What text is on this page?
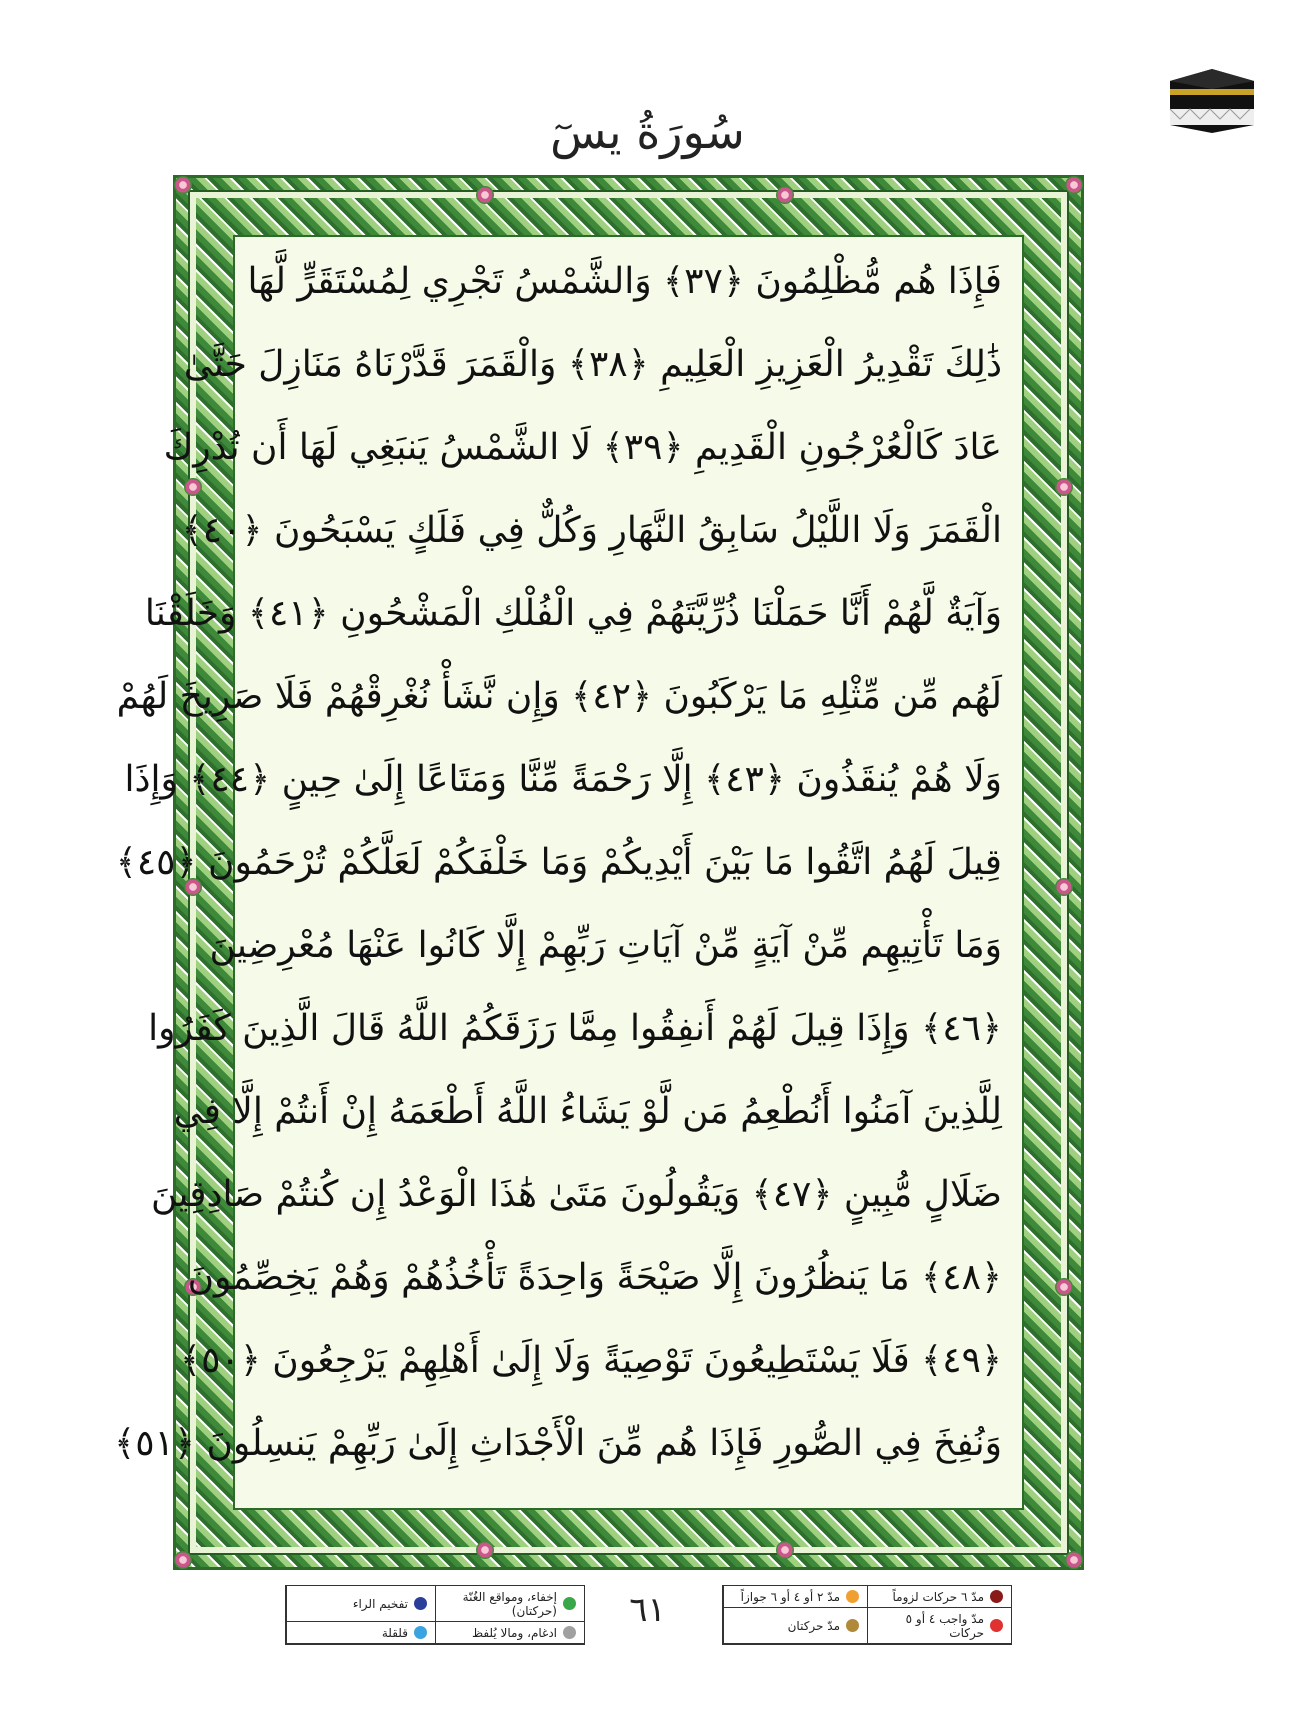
سُورَةُ يسٓ
فَإِذَا هُم مُّظْلِمُونَ ﴿٣٧﴾ وَالشَّمْسُ تَجْرِي لِمُسْتَقَرٍّ لَّهَا
ذَٰلِكَ تَقْدِيرُ الْعَزِيزِ الْعَلِيمِ ﴿٣٨﴾ وَالْقَمَرَ قَدَّرْنَاهُ مَنَازِلَ حَتَّىٰ
عَادَ كَالْعُرْجُونِ الْقَدِيمِ ﴿٣٩﴾ لَا الشَّمْسُ يَنبَغِي لَهَا أَن تُدْرِكَ
الْقَمَرَ وَلَا اللَّيْلُ سَابِقُ النَّهَارِ وَكُلٌّ فِي فَلَكٍ يَسْبَحُونَ ﴿٤٠﴾
وَآيَةٌ لَّهُمْ أَنَّا حَمَلْنَا ذُرِّيَّتَهُمْ فِي الْفُلْكِ الْمَشْحُونِ ﴿٤١﴾ وَخَلَقْنَا
لَهُم مِّن مِّثْلِهِ مَا يَرْكَبُونَ ﴿٤٢﴾ وَإِن نَّشَأْ نُغْرِقْهُمْ فَلَا صَرِيخَ لَهُمْ
وَلَا هُمْ يُنقَذُونَ ﴿٤٣﴾ إِلَّا رَحْمَةً مِّنَّا وَمَتَاعًا إِلَىٰ حِينٍ ﴿٤٤﴾ وَإِذَا
قِيلَ لَهُمُ اتَّقُوا مَا بَيْنَ أَيْدِيكُمْ وَمَا خَلْفَكُمْ لَعَلَّكُمْ تُرْحَمُونَ ﴿٤٥﴾
وَمَا تَأْتِيهِم مِّنْ آيَةٍ مِّنْ آيَاتِ رَبِّهِمْ إِلَّا كَانُوا عَنْهَا مُعْرِضِينَ
﴿٤٦﴾ وَإِذَا قِيلَ لَهُمْ أَنفِقُوا مِمَّا رَزَقَكُمُ اللَّهُ قَالَ الَّذِينَ كَفَرُوا
لِلَّذِينَ آمَنُوا أَنُطْعِمُ مَن لَّوْ يَشَاءُ اللَّهُ أَطْعَمَهُ إِنْ أَنتُمْ إِلَّا فِي
ضَلَالٍ مُّبِينٍ ﴿٤٧﴾ وَيَقُولُونَ مَتَىٰ هَٰذَا الْوَعْدُ إِن كُنتُمْ صَادِقِينَ
﴿٤٨﴾ مَا يَنظُرُونَ إِلَّا صَيْحَةً وَاحِدَةً تَأْخُذُهُمْ وَهُمْ يَخِصِّمُونَ
﴿٤٩﴾ فَلَا يَسْتَطِيعُونَ تَوْصِيَةً وَلَا إِلَىٰ أَهْلِهِمْ يَرْجِعُونَ ﴿٥٠﴾
وَنُفِخَ فِي الصُّورِ فَإِذَا هُم مِّنَ الْأَجْدَاثِ إِلَىٰ رَبِّهِمْ يَنسِلُونَ ﴿٥١﴾
٦١
إخفاء، ومواقع الغُنّة (حركتان)
تفخيم الراء
ادغام، ومالا يُلفظ
قلقلة
مدّ ٦ حركات لزوماً
مدّ ٢ أو ٤ أو ٦ جوازاً
مدّ واجب ٤ أو ٥ حركات
مدّ حركتان
